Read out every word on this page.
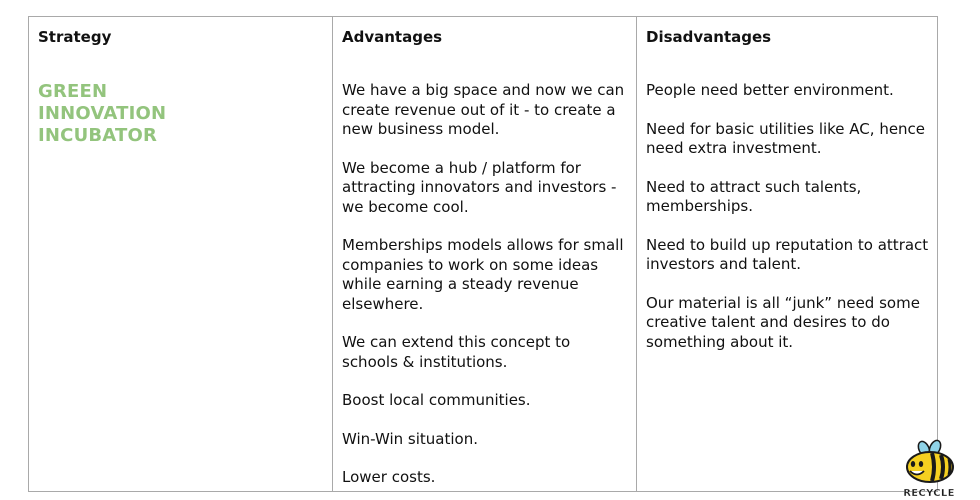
Strategy
GREEN
INNOVATION
INCUBATOR
Advantages

We have a big space and now we can create revenue out of it - to create a new business model.

We become a hub / platform for attracting innovators and investors - we become cool.

Memberships models allows for small companies to work on some ideas while earning a steady revenue elsewhere.

We can extend this concept to schools & institutions.

Boost local communities.

Win-Win situation.

Lower costs.

Disadvantages

People need better environment.

Need for basic utilities like AC, hence need extra investment.

Need to attract such talents, memberships.

Need to build up reputation to attract investors and talent.

Our material is all “junk” need some creative talent and desires to do something about it.

RECYCLE
